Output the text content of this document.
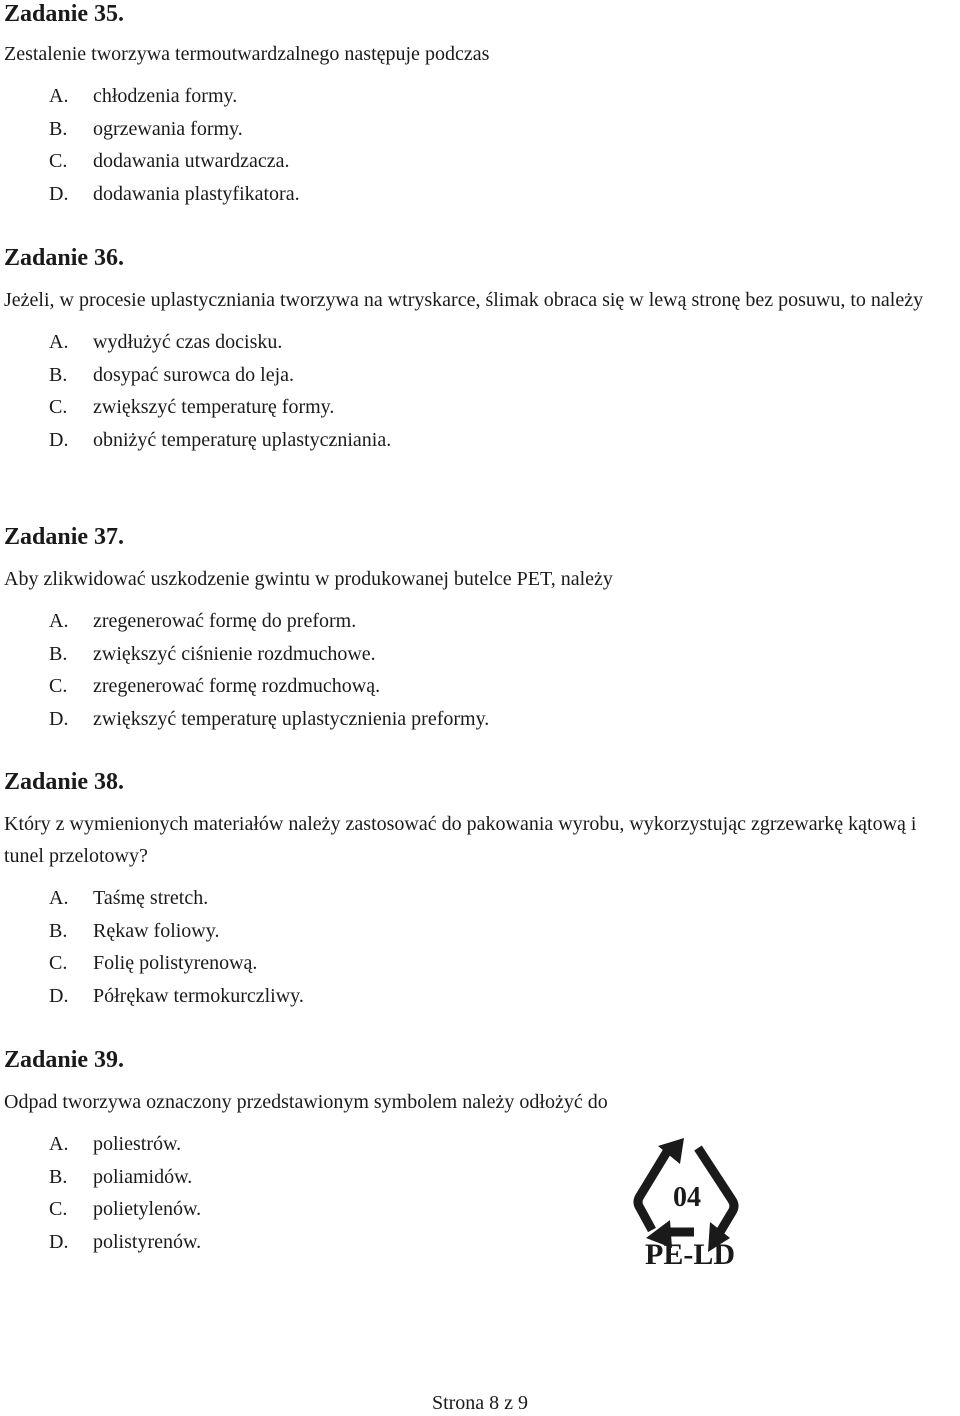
Zadanie 35.

Zestalenie tworzywa termoutwardzalnego następuje podczas

A.	chłodzenia formy.
B.	ogrzewania formy.
C.	dodawania utwardzacza.
D.	dodawania plastyfikatora.
Zadanie 36.

Jeżeli, w procesie uplastyczniania tworzywa na wtryskarce, ślimak obraca się w lewą stronę bez posuwu, to należy

A.	wydłużyć czas docisku.
B.	dosypać surowca do leja.
C.	zwiększyć temperaturę formy.
D.	obniżyć temperaturę uplastyczniania.
Zadanie 37.

Aby zlikwidować uszkodzenie gwintu w produkowanej butelce PET, należy

A.	zregenerować formę do preform.
B.	zwiększyć ciśnienie rozdmuchowe.
C.	zregenerować formę rozdmuchową.
D.	zwiększyć temperaturę uplastycznienia preformy.
Zadanie 38.

Który z wymienionych materiałów należy zastosować do pakowania wyrobu, wykorzystując zgrzewarkę kątową i tunel przelotowy?

A.	Taśmę stretch.
B.	Rękaw foliowy.
C.	Folię polistyrenową.
D.	Półrękaw termokurczliwy.
Zadanie 39.

Odpad tworzywa oznaczony przedstawionym symbolem należy odłożyć do

A.	poliestrów.
B.	poliamidów.
C.	polietylenów.
D.	polistyrenów.
04
PE-LD
Strona 8 z 9
